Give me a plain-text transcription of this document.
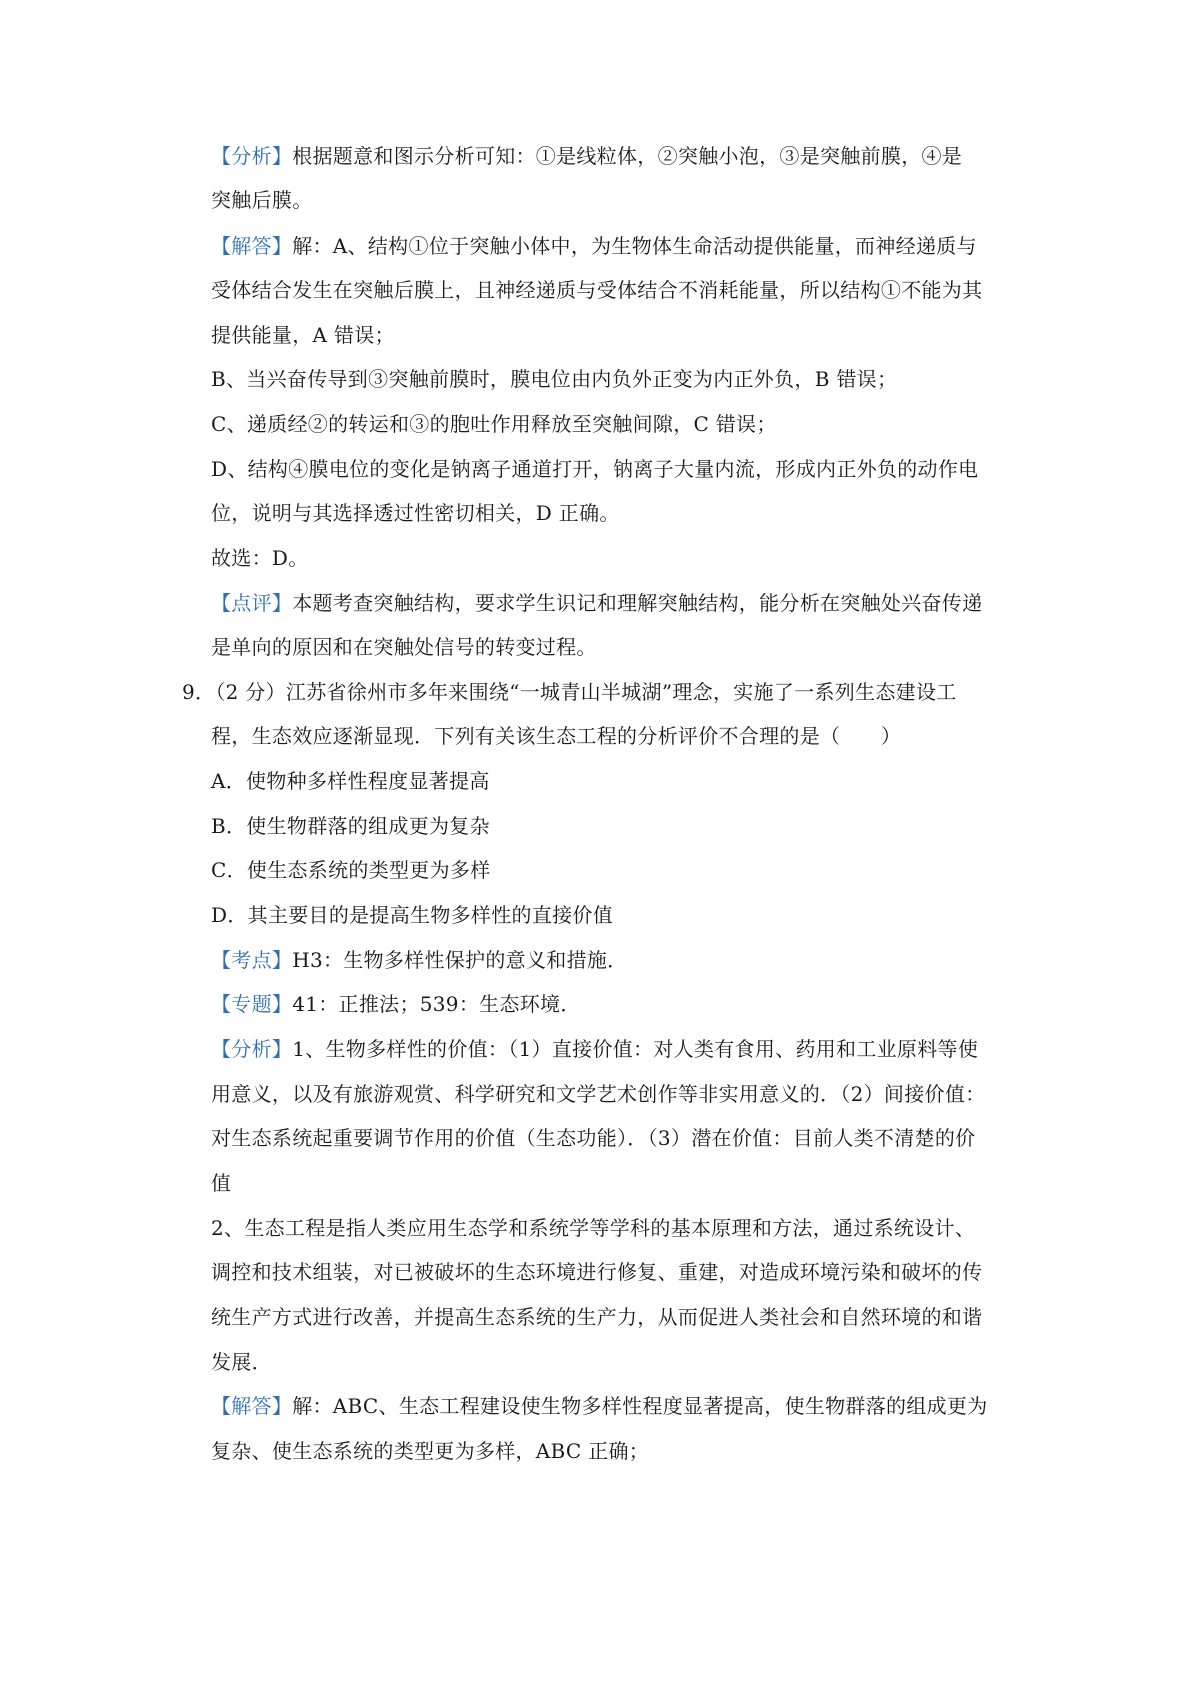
【分析】根据题意和图示分析可知：①是线粒体，②突触小泡，③是突触前膜，④是
突触后膜。
【解答】解：A、结构①位于突触小体中，为生物体生命活动提供能量，而神经递质与
受体结合发生在突触后膜上，且神经递质与受体结合不消耗能量，所以结构①不能为其
提供能量，A 错误；
B、当兴奋传导到③突触前膜时，膜电位由内负外正变为内正外负，B 错误；
C、递质经②的转运和③的胞吐作用释放至突触间隙，C 错误；
D、结构④膜电位的变化是钠离子通道打开，钠离子大量内流，形成内正外负的动作电
位，说明与其选择透过性密切相关，D 正确。
故选：D。
【点评】本题考查突触结构，要求学生识记和理解突触结构，能分析在突触处兴奋传递
是单向的原因和在突触处信号的转变过程。
9．（2 分）江苏省徐州市多年来围绕“一城青山半城湖”理念，实施了一系列生态建设工
程，生态效应逐渐显现．下列有关该生态工程的分析评价不合理的是（　　）
A．使物种多样性程度显著提高
B．使生物群落的组成更为复杂
C．使生态系统的类型更为多样
D．其主要目的是提高生物多样性的直接价值
【考点】H3：生物多样性保护的意义和措施．
【专题】41：正推法；539：生态环境．
【分析】1、生物多样性的价值：（1）直接价值：对人类有食用、药用和工业原料等使
用意义，以及有旅游观赏、科学研究和文学艺术创作等非实用意义的．（2）间接价值：
对生态系统起重要调节作用的价值（生态功能）．（3）潜在价值：目前人类不清楚的价
值
2、生态工程是指人类应用生态学和系统学等学科的基本原理和方法，通过系统设计、
调控和技术组装，对已被破坏的生态环境进行修复、重建，对造成环境污染和破坏的传
统生产方式进行改善，并提高生态系统的生产力，从而促进人类社会和自然环境的和谐
发展．
【解答】解：ABC、生态工程建设使生物多样性程度显著提高，使生物群落的组成更为
复杂、使生态系统的类型更为多样，ABC 正确；
